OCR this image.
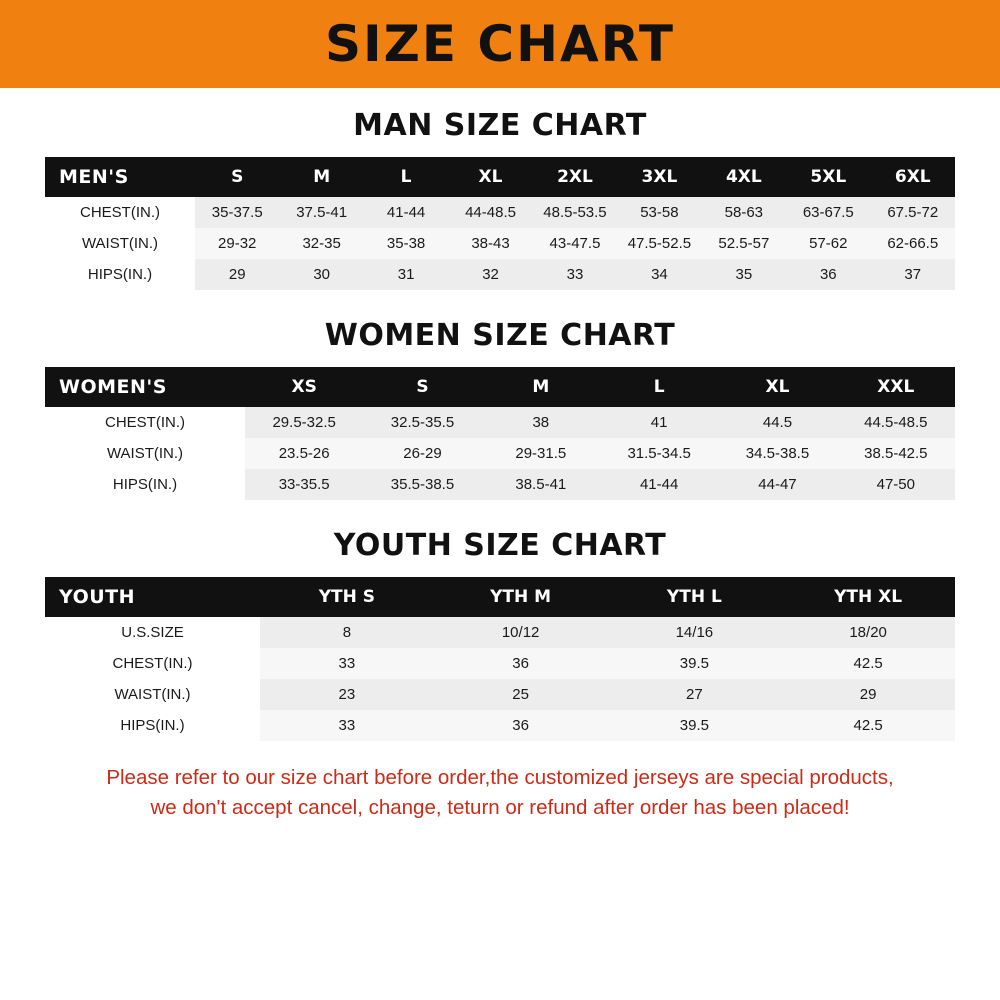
SIZE CHART
MAN SIZE CHART
MEN'S	S	M	L	XL	2XL	3XL	4XL	5XL	6XL
CHEST(IN.)	35-37.5	37.5-41	41-44	44-48.5	48.5-53.5	53-58	58-63	63-67.5	67.5-72
WAIST(IN.)	29-32	32-35	35-38	38-43	43-47.5	47.5-52.5	52.5-57	57-62	62-66.5
HIPS(IN.)	29	30	31	32	33	34	35	36	37
WOMEN SIZE CHART
WOMEN'S	XS	S	M	L	XL	XXL
CHEST(IN.)	29.5-32.5	32.5-35.5	38	41	44.5	44.5-48.5
WAIST(IN.)	23.5-26	26-29	29-31.5	31.5-34.5	34.5-38.5	38.5-42.5
HIPS(IN.)	33-35.5	35.5-38.5	38.5-41	41-44	44-47	47-50
YOUTH SIZE CHART
YOUTH	YTH S	YTH M	YTH L	YTH XL
U.S.SIZE	8	10/12	14/16	18/20
CHEST(IN.)	33	36	39.5	42.5
WAIST(IN.)	23	25	27	29
HIPS(IN.)	33	36	39.5	42.5
Please refer to our size chart before order,the customized jerseys are special products,
we don't accept cancel, change, teturn or refund after order has been placed!
